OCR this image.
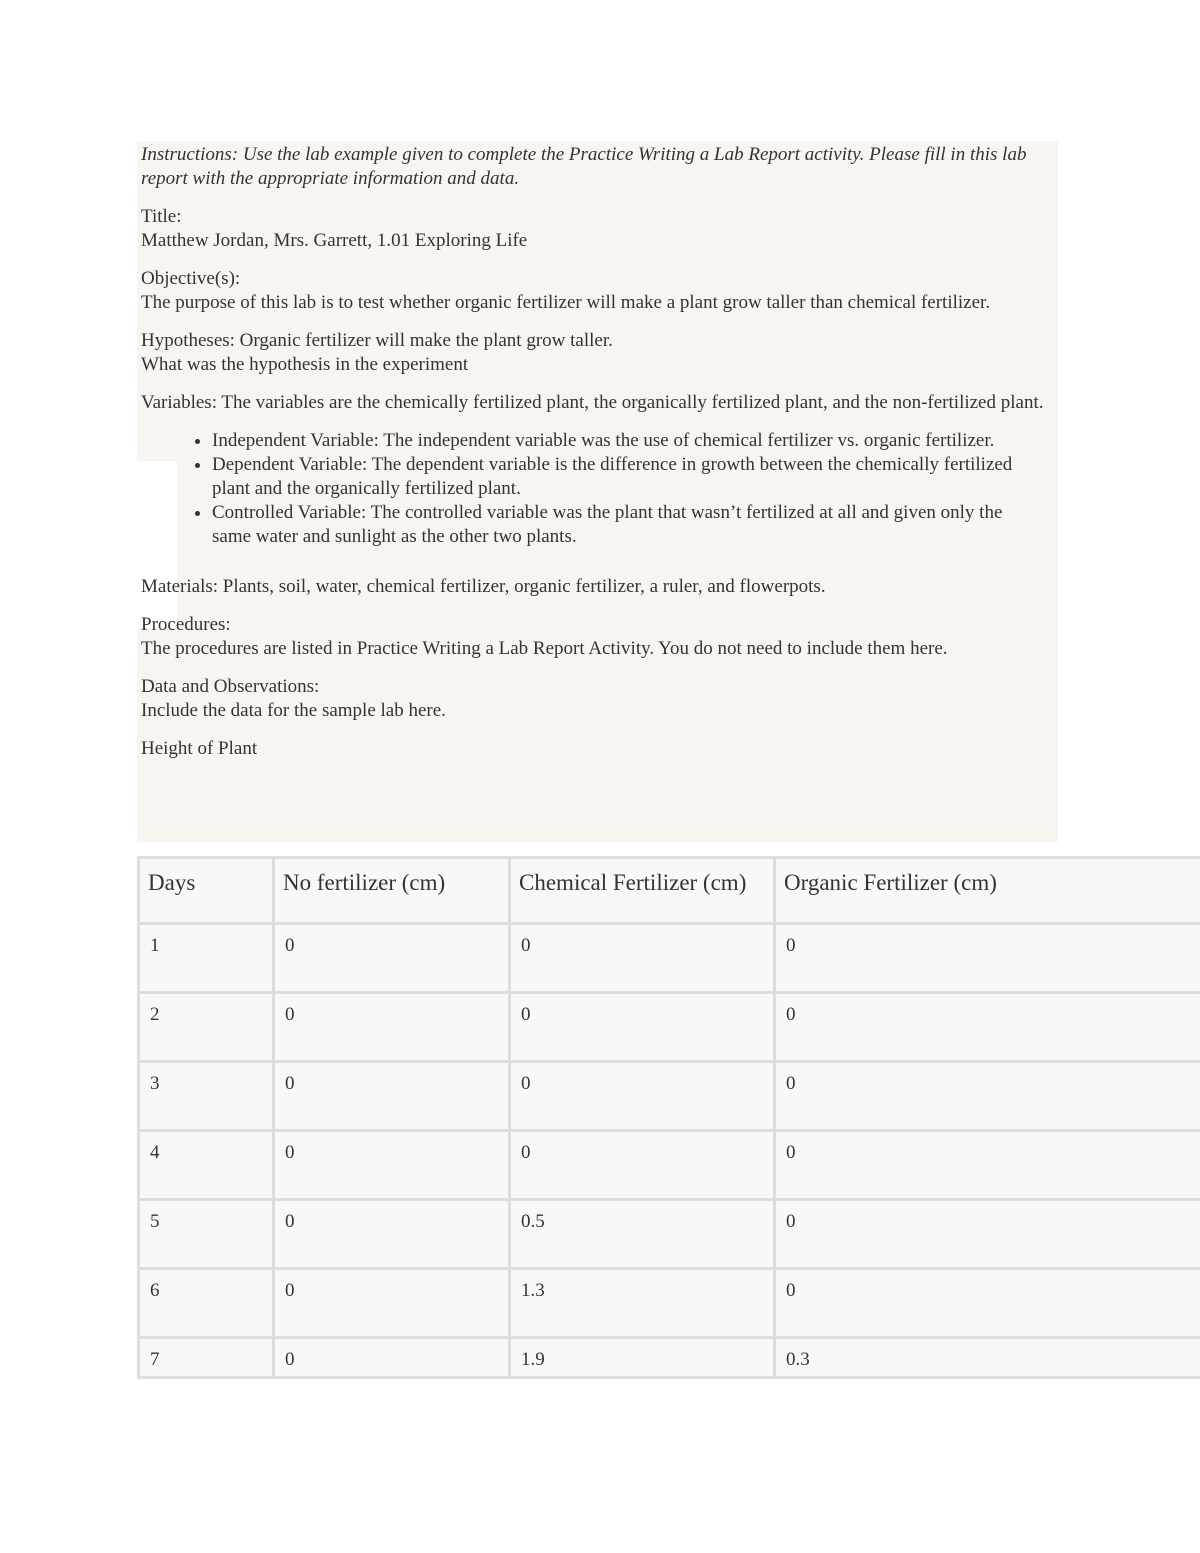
Instructions: Use the lab example given to complete the Practice Writing a Lab Report activity. Please fill in this lab report with the appropriate information and data.

Title:
Matthew Jordan, Mrs. Garrett, 1.01 Exploring Life

Objective(s):
The purpose of this lab is to test whether organic fertilizer will make a plant grow taller than chemical fertilizer.

Hypotheses: Organic fertilizer will make the plant grow taller.
What was the hypothesis in the experiment

Variables: The variables are the chemically fertilized plant, the organically fertilized plant, and the non-fertilized plant.

• Independent Variable: The independent variable was the use of chemical fertilizer vs. organic fertilizer.
• Dependent Variable: The dependent variable is the difference in growth between the chemically fertilized plant and the organically fertilized plant.
• Controlled Variable: The controlled variable was the plant that wasn’t fertilized at all and given only the same water and sunlight as the other two plants.

Materials: Plants, soil, water, chemical fertilizer, organic fertilizer, a ruler, and flowerpots.

Procedures:
The procedures are listed in Practice Writing a Lab Report Activity. You do not need to include them here.

Data and Observations:
Include the data for the sample lab here.

Height of Plant

Days	No fertilizer (cm)	Chemical Fertilizer (cm)	Organic Fertilizer (cm)
1	0	0	0
2	0	0	0
3	0	0	0
4	0	0	0
5	0	0.5	0
6	0	1.3	0
7	0	1.9	0.3
